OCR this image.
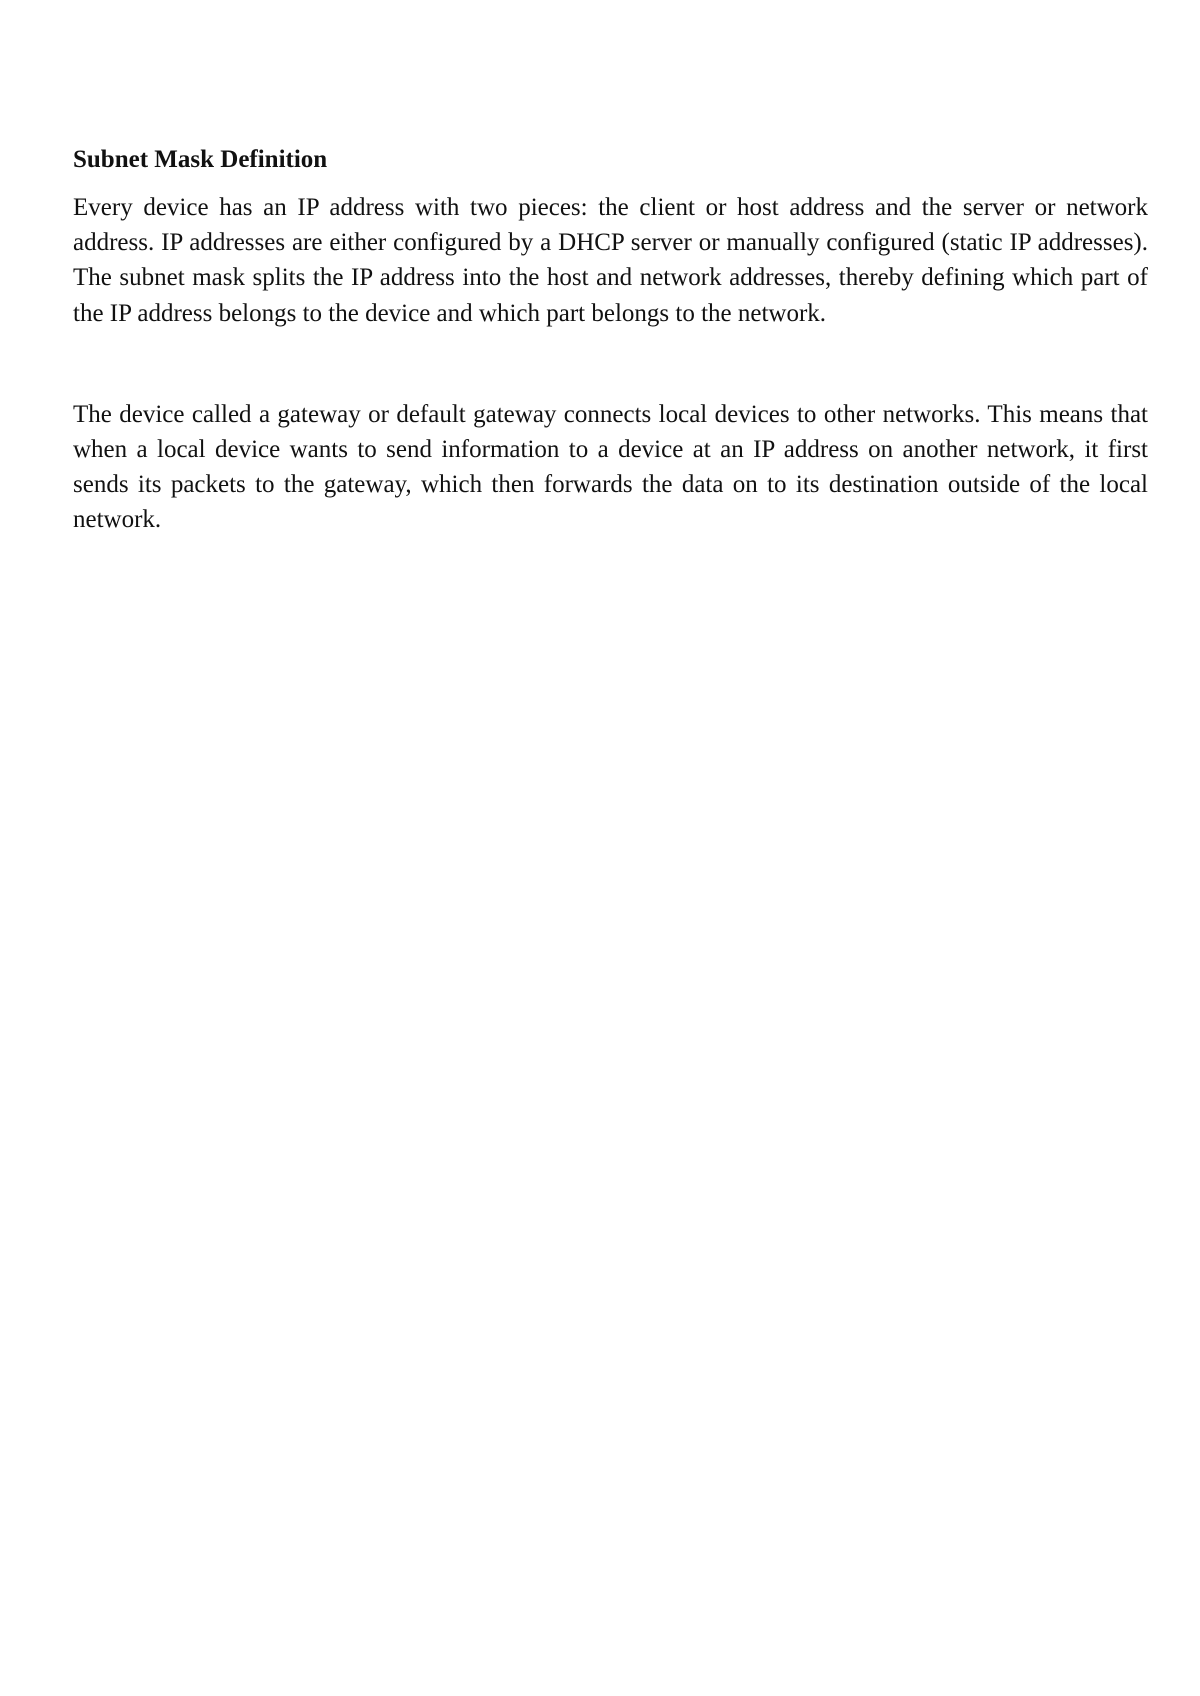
Subnet Mask Definition

Every device has an IP address with two pieces: the client or host address and the server or network address. IP addresses are either configured by a DHCP server or manually configured (static IP addresses). The subnet mask splits the IP address into the host and network addresses, thereby defining which part of the IP address belongs to the device and which part belongs to the network.

The device called a gateway or default gateway connects local devices to other networks. This means that when a local device wants to send information to a device at an IP address on another network, it first sends its packets to the gateway, which then forwards the data on to its destination outside of the local network.
